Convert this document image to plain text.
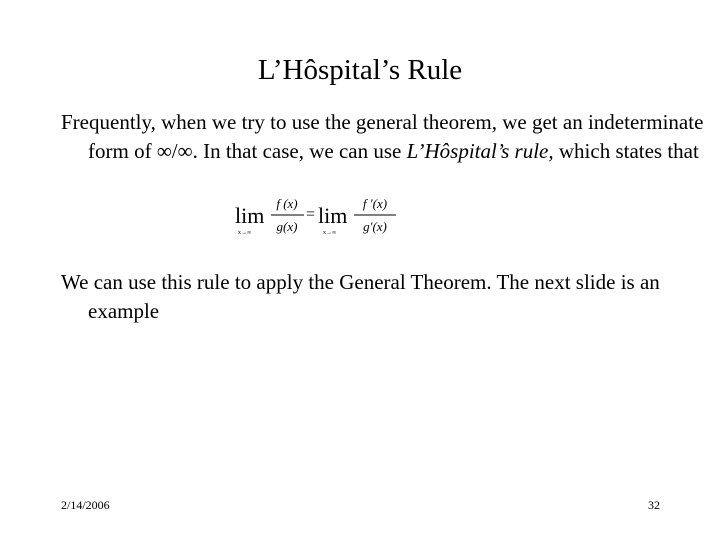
L’Hôspital’s Rule
Frequently, when we try to use the general theorem, we get an indeterminate form of ∞/∞. In that case, we can use L’Hôspital’s rule, which states that
lim
x→∞
f (x)
g(x)
= lim
x→∞
f ′(x)
g′(x)
We can use this rule to apply the General Theorem. The next slide is an example
2/14/2006	32
